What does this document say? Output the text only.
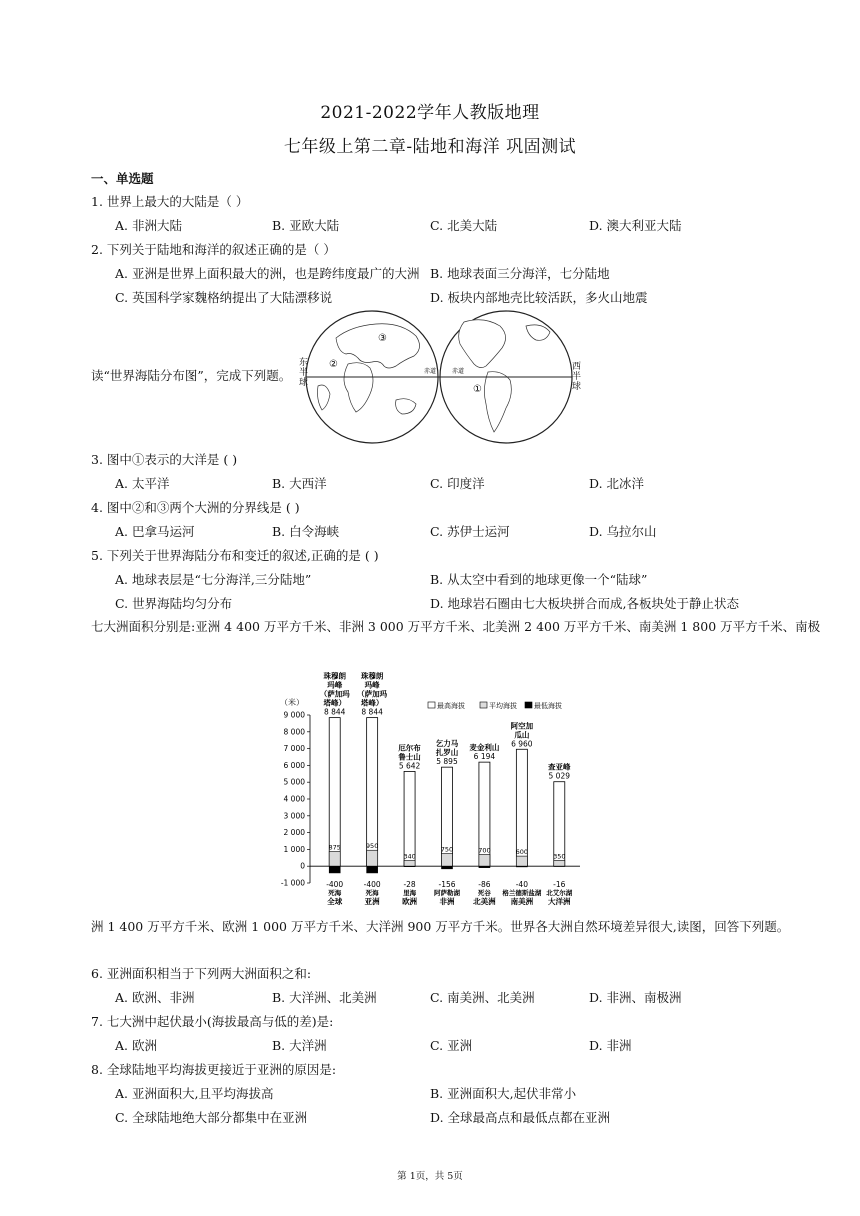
2021-2022学年人教版地理
七年级上第二章-陆地和海洋 巩固测试
一、单选题
1. 世界上最大的大陆是（ ）
A. 非洲大陆	B. 亚欧大陆	C. 北美大陆	D. 澳大利亚大陆
2. 下列关于陆地和海洋的叙述正确的是（ ）
A. 亚洲是世界上面积最大的洲，也是跨纬度最广的大洲 B. 地球表面三分海洋，七分陆地
C. 英国科学家魏格纳提出了大陆漂移说	D. 板块内部地壳比较活跃，多火山地震
读“世界海陆分布图”，完成下列题。	赤道	赤道
①
②
③
东
半
球
西
半
球
3. 图中①表示的大洋是 ( )
A. 太平洋	B. 大西洋	C. 印度洋	D. 北冰洋
4. 图中②和③两个大洲的分界线是 ( )
A. 巴拿马运河	B. 白令海峡	C. 苏伊士运河	D. 乌拉尔山
5. 下列关于世界海陆分布和变迁的叙述,正确的是 ( )
A. 地球表层是“七分海洋,三分陆地”	B. 从太空中看到的地球更像一个“陆球”
C. 世界海陆均匀分布	D. 地球岩石圈由七大板块拼合而成,各板块处于静止状态
七大洲面积分别是:亚洲 4 400 万平方千米、非洲 3 000 万平方千米、北美洲 2 400 万平方千米、南美洲 1 800 万平方千米、南极
（米）
9 000
8 000
7 000
6 000
5 000
4 000
3 000
2 000
1 000
0
-1 000
8 844
珠穆朗
玛峰
（萨加玛
塔峰）
875
-400
死海
全球
8 844
珠穆朗
玛峰
（萨加玛
塔峰）
950
-400
死海
亚洲
5 642
厄尔布
鲁士山
340
-28
里海
欧洲
5 895
乞力马
扎罗山
750
-156
阿萨勒湖
非洲
6 194
麦金利山
700
-86
死谷
北美洲
6 960
阿空加
瓜山
600
-40
格兰德斯盐湖
南美洲
5 029
查亚峰
350
-16
北艾尔湖
大洋洲
最高海拔	平均海拔 最低海拔
洲 1 400 万平方千米、欧洲 1 000 万平方千米、大洋洲 900 万平方千米。世界各大洲自然环境差异很大,读图，回答下列题。
6. 亚洲面积相当于下列两大洲面积之和:
A. 欧洲、非洲	B. 大洋洲、北美洲	C. 南美洲、北美洲	D. 非洲、南极洲
7. 七大洲中起伏最小(海拔最高与低的差)是:
A. 欧洲	B. 大洋洲	C. 亚洲	D. 非洲
8. 全球陆地平均海拔更接近于亚洲的原因是:
A. 亚洲面积大,且平均海拔高	B. 亚洲面积大,起伏非常小
C. 全球陆地绝大部分都集中在亚洲	D. 全球最高点和最低点都在亚洲
第 1页，共 5页
